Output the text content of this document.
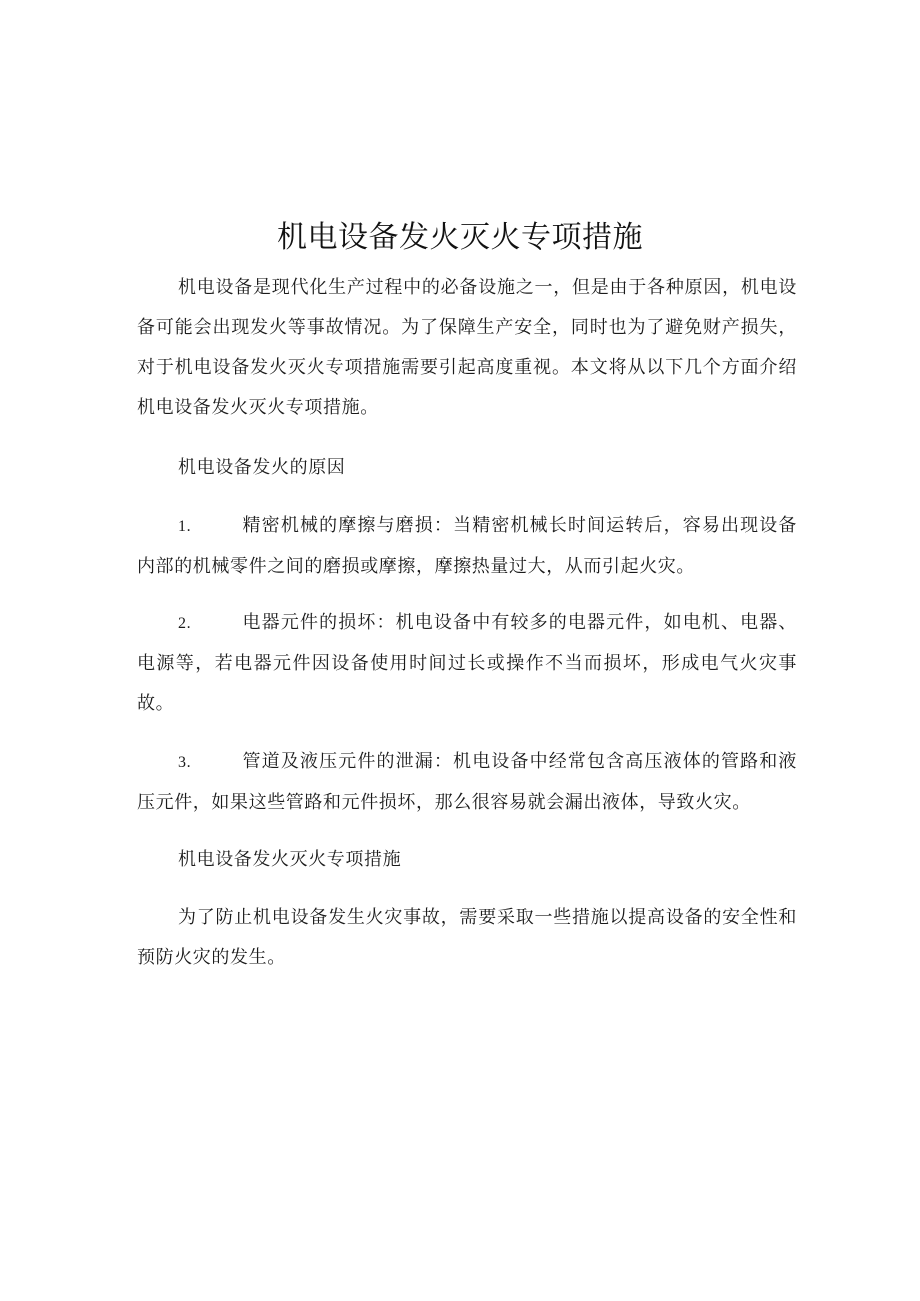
机电设备发火灭火专项措施

机电设备是现代化生产过程中的必备设施之一，但是由于各种原因，机电设备可能会出现发火等事故情况。为了保障生产安全，同时也为了避免财产损失，对于机电设备发火灭火专项措施需要引起高度重视。本文将从以下几个方面介绍机电设备发火灭火专项措施。

机电设备发火的原因

1.	精密机械的摩擦与磨损：当精密机械长时间运转后，容易出现设备内部的机械零件之间的磨损或摩擦，摩擦热量过大，从而引起火灾。

2.	电器元件的损坏：机电设备中有较多的电器元件，如电机、电器、电源等，若电器元件因设备使用时间过长或操作不当而损坏，形成电气火灾事故。

3.	管道及液压元件的泄漏：机电设备中经常包含高压液体的管路和液压元件，如果这些管路和元件损坏，那么很容易就会漏出液体，导致火灾。

机电设备发火灭火专项措施

为了防止机电设备发生火灾事故，需要采取一些措施以提高设备的安全性和预防火灾的发生。
